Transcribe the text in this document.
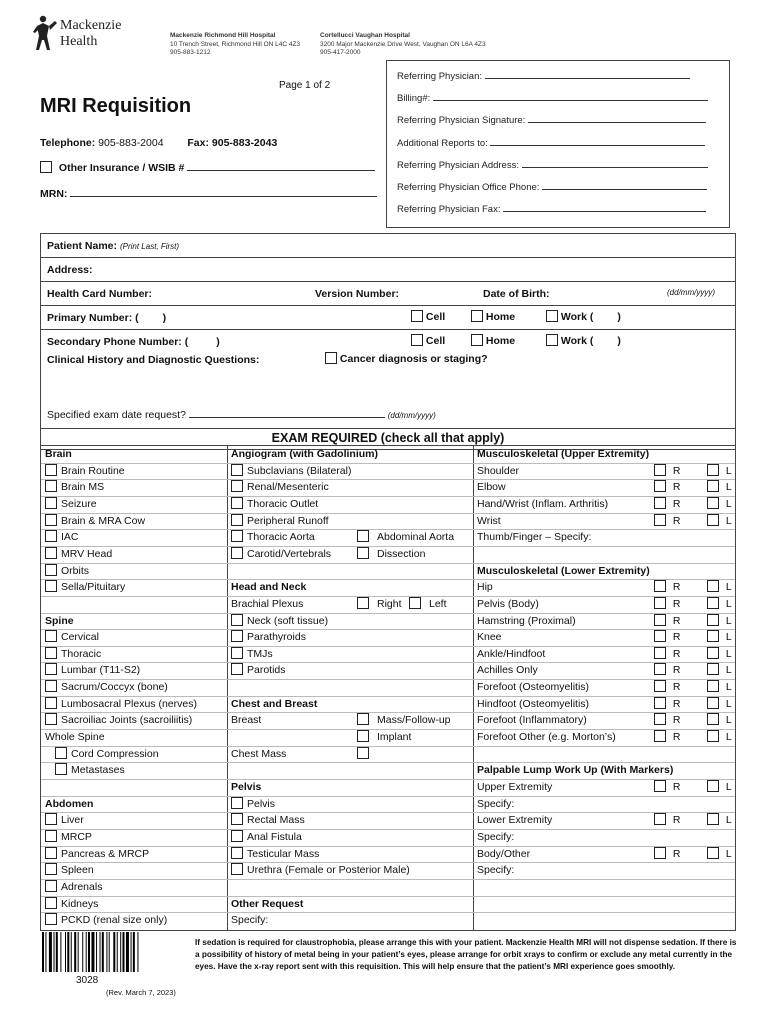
Mackenzie
Health	Mackenzie Richmond Hill Hospital
10 Trench Street, Richmond Hill ON L4C 4Z3
905-883-1212
Cortellucci Vaughan Hospital
3200 Major Mackenzie Drive West, Vaughan ON L6A 4Z3
905-417-2000
Page 1 of 2
MRI Requisition
Telephone: 905-883-2004 Fax: 905-883-2043
Other Insurance / WSIB #
MRN:
Referring Physician:
Billing#:
Referring Physician Signature:
Additional Reports to:
Referring Physician Address:
Referring Physician Office Phone:
Referring Physician Fax:
Patient Name: (Print Last, First)
Address:
Health Card Number:	Version Number:	Date of Birth:	(dd/mm/yyyy)
Primary Number: ( )	Cell	Home	Work ( )
Secondary Phone Number: (	)	Cell	Home	Work ( )
Clinical History and Diagnostic Questions:	Cancer diagnosis or staging?
Specified exam date request?	(dd/mm/yyyy)
EXAM REQUIRED (check all that apply)
Brain
Brain Routine
Brain MS
Seizure
Brain & MRA Cow
IAC
MRV Head
Orbits
Sella/Pituitary
Spine
Cervical
Thoracic
Lumbar (T11-S2)
Sacrum/Coccyx (bone)
Lumbosacral Plexus (nerves)
Sacroiliac Joints (sacroiliitis)
Whole Spine
Cord Compression
Metastases
Abdomen
Liver
MRCP
Pancreas & MRCP
Spleen
Adrenals
Kidneys
PCKD (renal size only)
Angiogram (with Gadolinium)
Subclavians (Bilateral)
Renal/Mesenteric
Thoracic Outlet
Peripheral Runoff
Thoracic Aorta	Abdominal Aorta
Carotid/Vertebrals	Dissection
Head and Neck
Brachial Plexus	Right	Left
Neck (soft tissue)
Parathyroids
TMJs
Parotids
Chest and Breast
Breast	Mass/Follow-up
Implant
Chest Mass
Pelvis
Pelvis
Rectal Mass
Anal Fistula
Testicular Mass
Urethra (Female or Posterior Male)
Other Request
Specify:
Musculoskeletal (Upper Extremity)
Shoulder	R	L
Elbow	R	L
Hand/Wrist (Inflam. Arthritis)	R	L
Wrist	R	L
Thumb/Finger – Specify:
Musculoskeletal (Lower Extremity)
Hip	R	L
Pelvis (Body)	R	L
Hamstring (Proximal)	R	L
Knee	R	L
Ankle/Hindfoot	R	L
Achilles Only	R	L
Forefoot (Osteomyelitis)	R	L
Hindfoot (Osteomyelitis)	R	L
Forefoot (Inflammatory)	R	L
Forefoot Other (e.g. Morton’s)	R	L
Palpable Lump Work Up (With Markers)
Upper Extremity	R	L
Specify:
Lower Extremity	R	L
Specify:
Body/Other	R	L
Specify:
3028
(Rev. March 7, 2023)
If sedation is required for claustrophobia, please arrange this with your patient. Mackenzie Health MRI will not dispense sedation. If there is a possibility of history of metal being in your patient’s eyes, please arrange for orbit xrays to confirm or exclude any metal currently in the eyes. Have the x-ray report sent with this requisition. This will help ensure that the patient’s MRI experience goes smoothly.
